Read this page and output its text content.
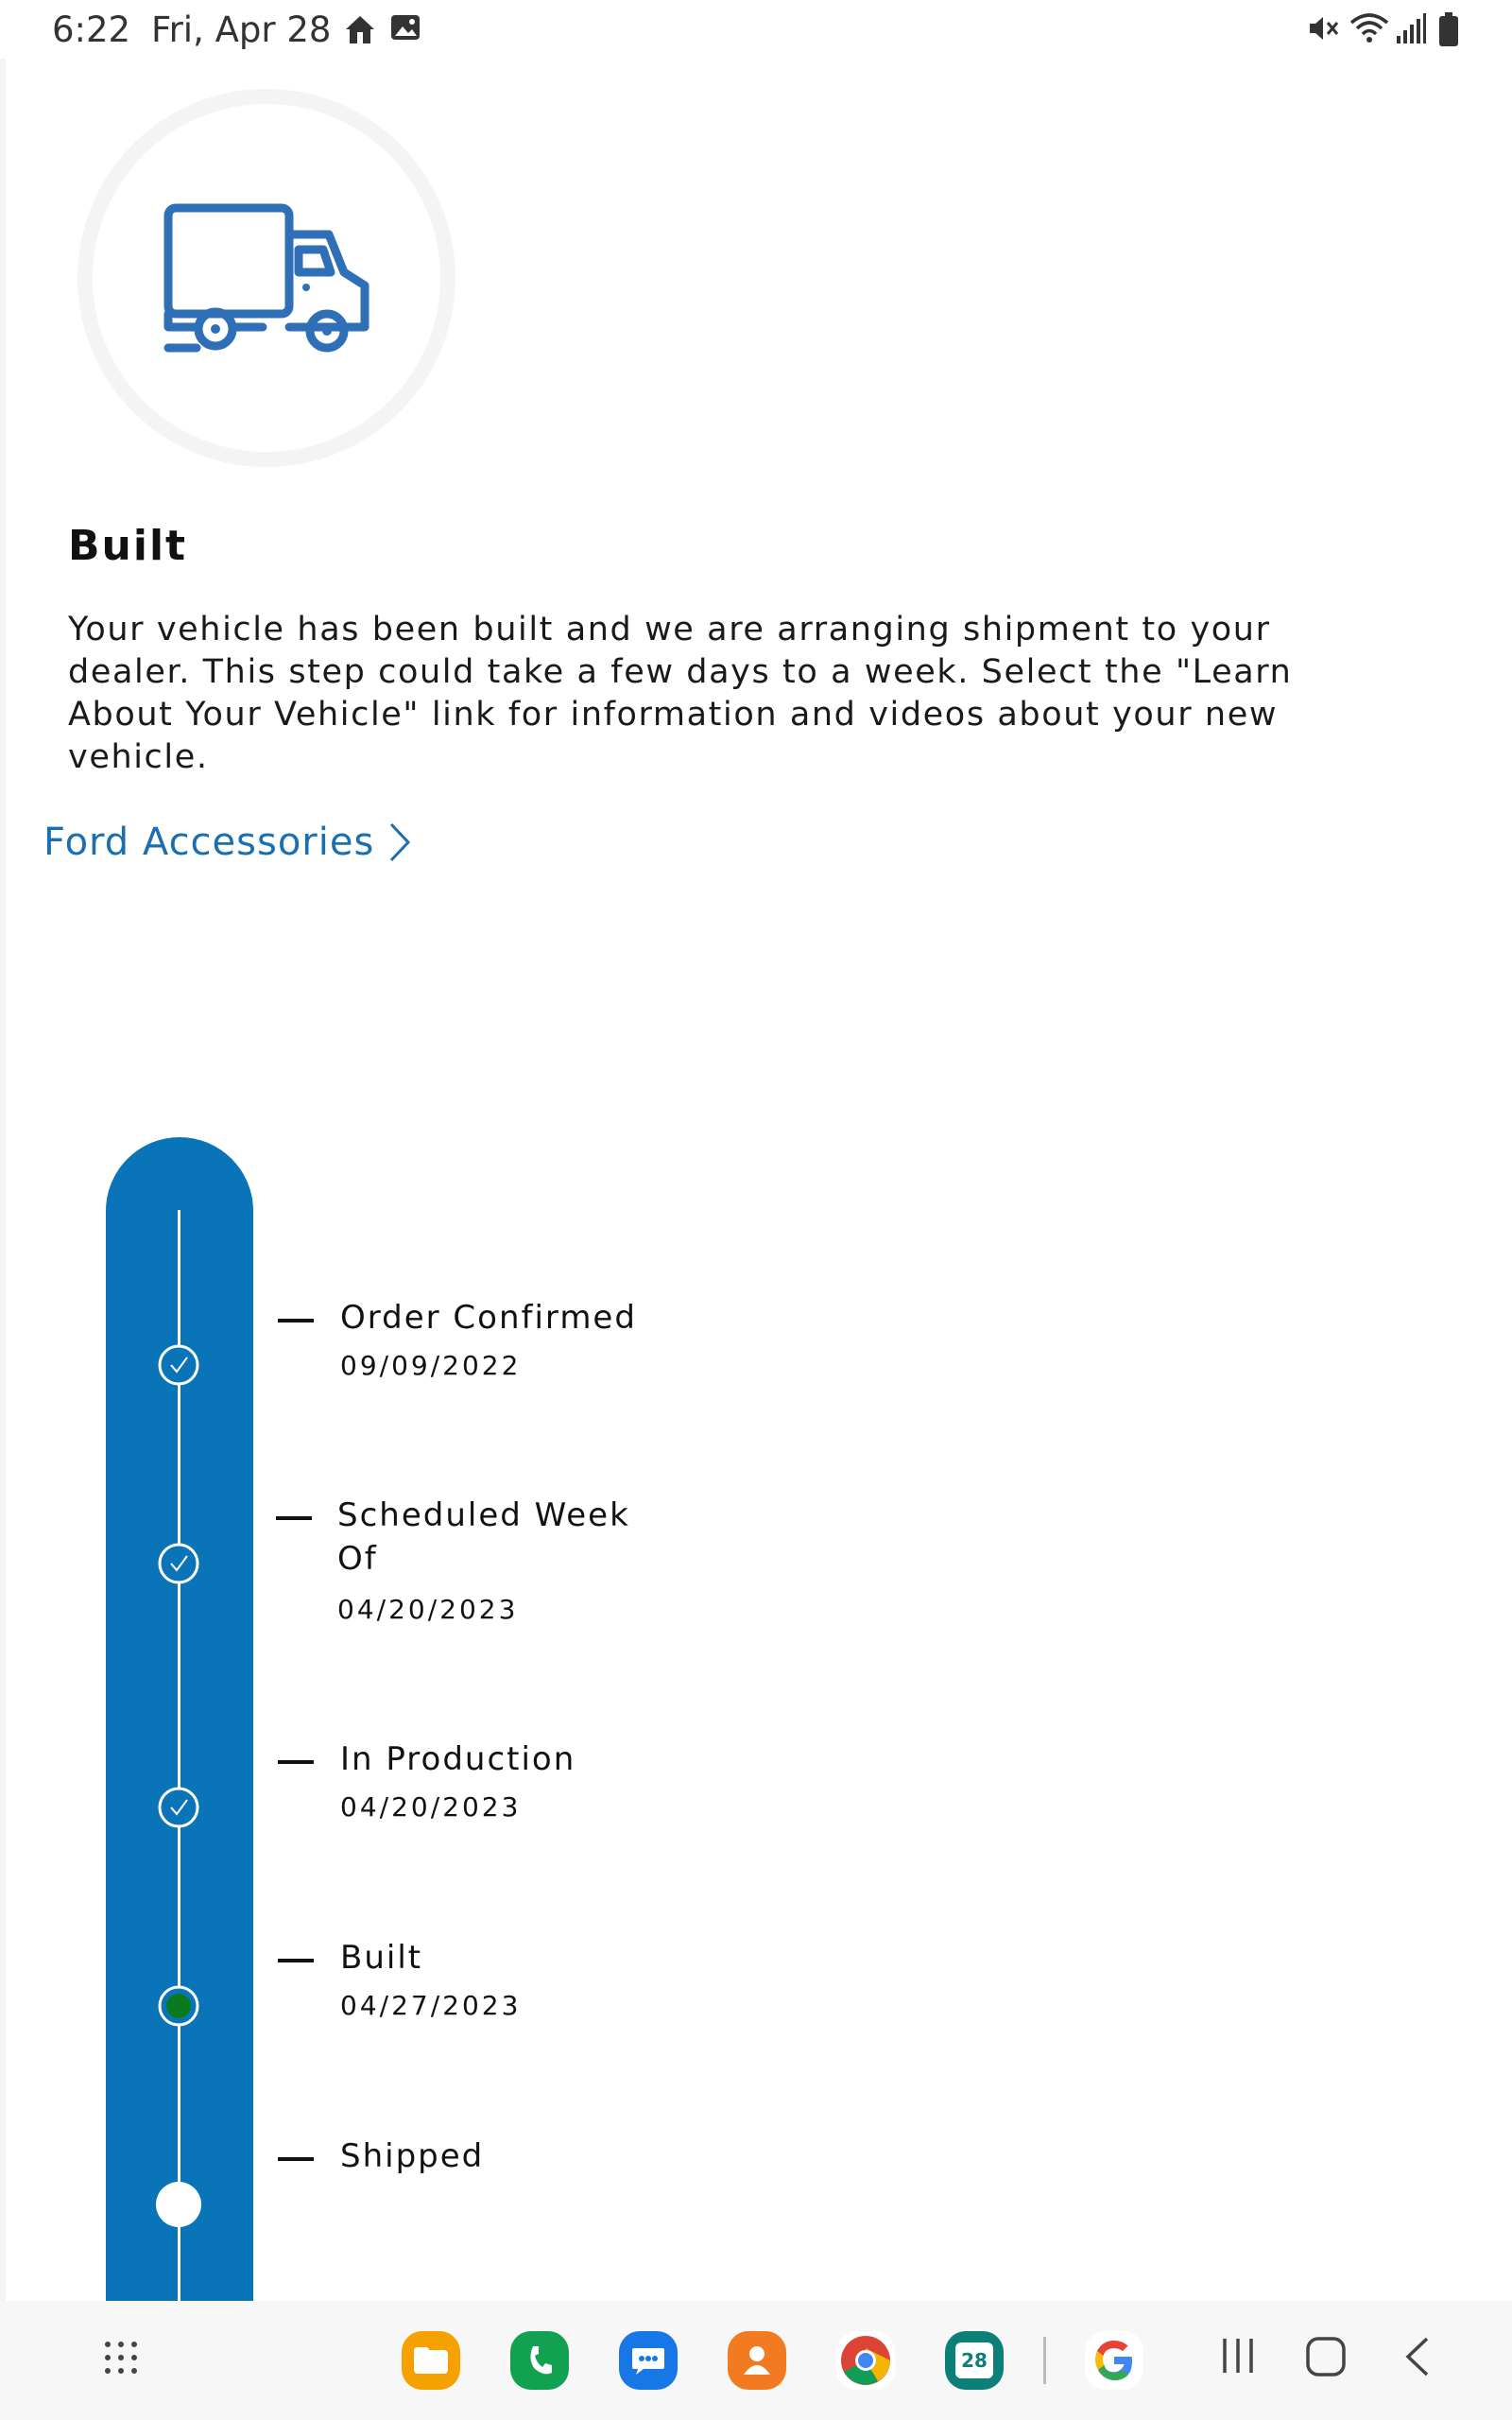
6:22 Fri, Apr 28
Built
Your vehicle has been built and we are arranging shipment to your dealer. This step could take a few days to a week. Select the "Learn About Your Vehicle" link for information and videos about your new vehicle.
Ford Accessories
Order Confirmed
09/09/2022
Scheduled Week Of
04/20/2023
In Production
04/20/2023
Built
04/27/2023
Shipped
28
